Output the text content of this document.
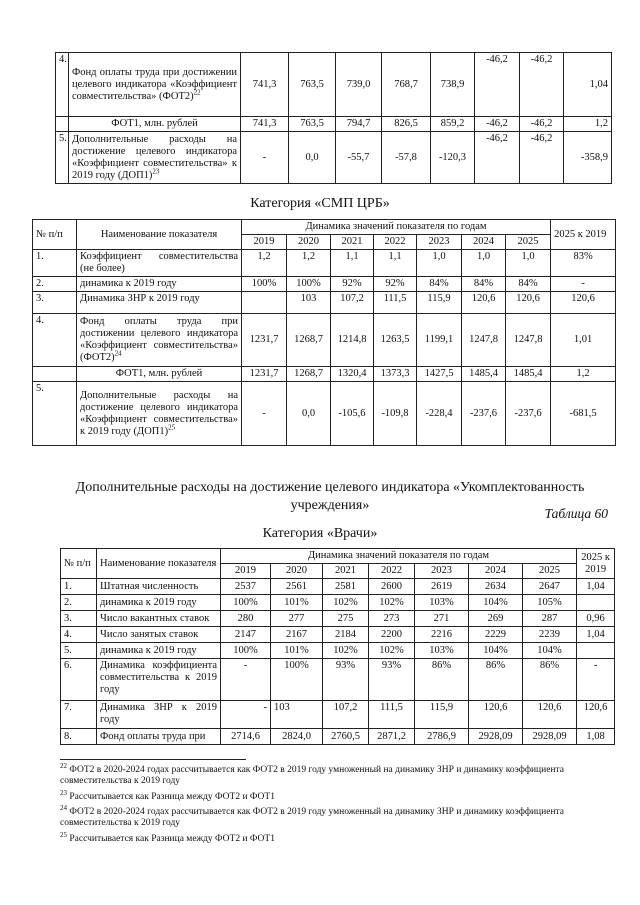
4.	Фонд оплаты труда при достижении целевого индикатора «Коэффициент совместительства» $(ФОТ2)^{22}$	741,3	763,5	739,0	768,7	738,9	-46,2	-46,2	1,04
	ФОТ1, млн. рублей	741,3	763,5	794,7	826,5	859,2	-46,2	-46,2	1,2
5.	Дополнительные расходы на достижение целевого индикатора «Коэффициент совместительства» к 2019 году $(ДОП1)^{23}$	-	0,0	-55,7	-57,8	-120,3	-46,2	-46,2	-358,9
Категория «СМП ЦРБ»
№ п/п	Наименование показателя	Динамика значений показателя по годам							2025 к 2019
		2019	2020	2021	2022	2023	2024	2025	
1.	Коэффициент совместительства (не более)	1,2	1,2	1,1	1,1	1,0	1,0	1,0	83%
2.	динамика к 2019 году	100%	100%	92%	92%	84%	84%	84%	-
3.	Динамика ЗНР к 2019 году		103	107,2	111,5	115,9	120,6	120,6	120,6
4.	Фонд оплаты труда при достижении целевого индикатора «Коэффициент совместительства» $(ФОТ2)^{24}$	1231,7	1268,7	1214,8	1263,5	1199,1	1247,8	1247,8	1,01
	ФОТ1, млн. рублей	1231,7	1268,7	1320,4	1373,3	1427,5	1485,4	1485,4	1,2
5.	Дополнительные расходы на достижение целевого индикатора «Коэффициент совместительства» к 2019 году $(ДОП1)^{25}$	-	0,0	-105,6	-109,8	-228,4	-237,6	-237,6	-681,5
Дополнительные расходы на достижение целевого индикатора «Укомплектованность учреждения»
Таблица 60
Категория «Врачи»
№ п/п	Наименование показателя	Динамика значений показателя по годам							2025 к 2019
		2019	2020	2021	2022	2023	2024	2025	
1.	Штатная численность	2537	2561	2581	2600	2619	2634	2647	1,04
2.	динамика к 2019 году	100%	101%	102%	102%	103%	104%	105%	
3.	Число вакантных ставок	280	277	275	273	271	269	287	0,96
4.	Число занятых ставок	2147	2167	2184	2200	2216	2229	2239	1,04
5.	динамика к 2019 году	100%	101%	102%	102%	103%	104%	104%	
6.	Динамика коэффициента совместительства к 2019 году	-	100%	93%	93%	86%	86%	86%	-
7.	Динамика ЗНР к 2019 году	-	103	107,2	111,5	115,9	120,6	120,6	120,6
8.	Фонд оплаты труда при	2714,6	2824,0	2760,5	2871,2	2786,9	2928,09	2928,09	1,08
$^{22}$ ФОТ2 в 2020-2024 годах рассчитывается как ФОТ2 в 2019 году умноженный на динамику ЗНР и динамику коэффициента совместительства к 2019 году
$^{23}$ Рассчитывается как Разница между ФОТ2 и ФОТ1
$^{24}$ ФОТ2 в 2020-2024 годах рассчитывается как ФОТ2 в 2019 году умноженный на динамику ЗНР и динамику коэффициента совместительства к 2019 году
$^{25}$ Рассчитывается как Разница между ФОТ2 и ФОТ1
